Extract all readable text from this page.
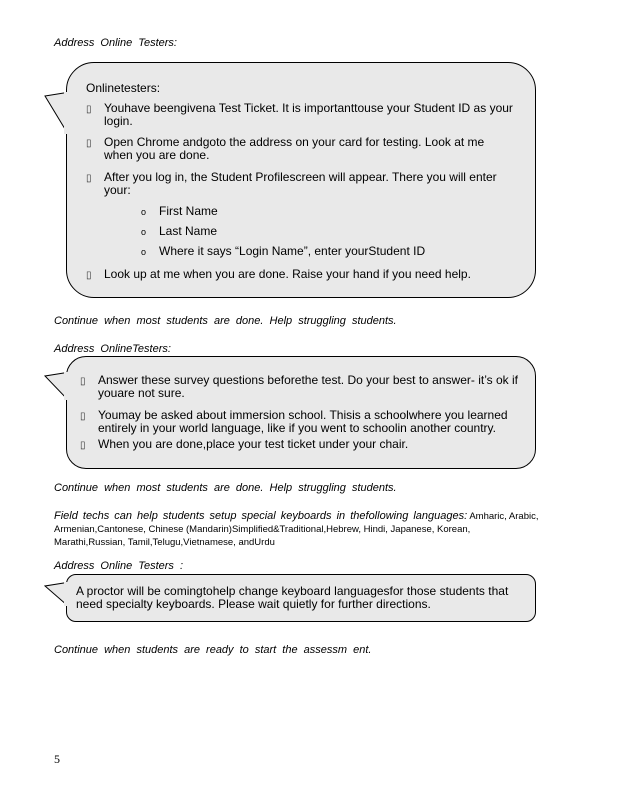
Address Online Testers:
Onlinetesters:
▯ Youhave beengivena Test Ticket. It is importanttouse your Student ID as your login.
▯ Open Chrome andgoto the address on your card for testing. Look at me when you are done.
▯ After you log in, the Student Profilescreen will appear. There you will enter your:
o First Name
o Last Name
o Where it says “Login Name”, enter yourStudent ID
▯ Look up at me when you are done. Raise your hand if you need help.
Continue when most students are done. Help struggling students.
Address OnlineTesters:
▯ Answer these survey questions beforethe test. Do your best to answer- it’s ok if youare not sure.
▯ Youmay be asked about immersion school. Thisis a schoolwhere you learned entirely in your world language, like if you went to schoolin another country.
▯ When you are done,place your test ticket under your chair.
Continue when most students are done. Help struggling students.
Field techs can help students setup special keyboards in thefollowing languages: Amharic, Arabic, Armenian,Cantonese, Chinese (Mandarin)Simplified&Traditional,Hebrew, Hindi, Japanese, Korean, Marathi,Russian, Tamil,Telugu,Vietnamese, andUrdu
Address Online Testers :
A proctor will be comingtohelp change keyboard languagesfor those students that need specialty keyboards. Please wait quietly for further directions.
Continue when students are ready to start the assessm ent.
5
